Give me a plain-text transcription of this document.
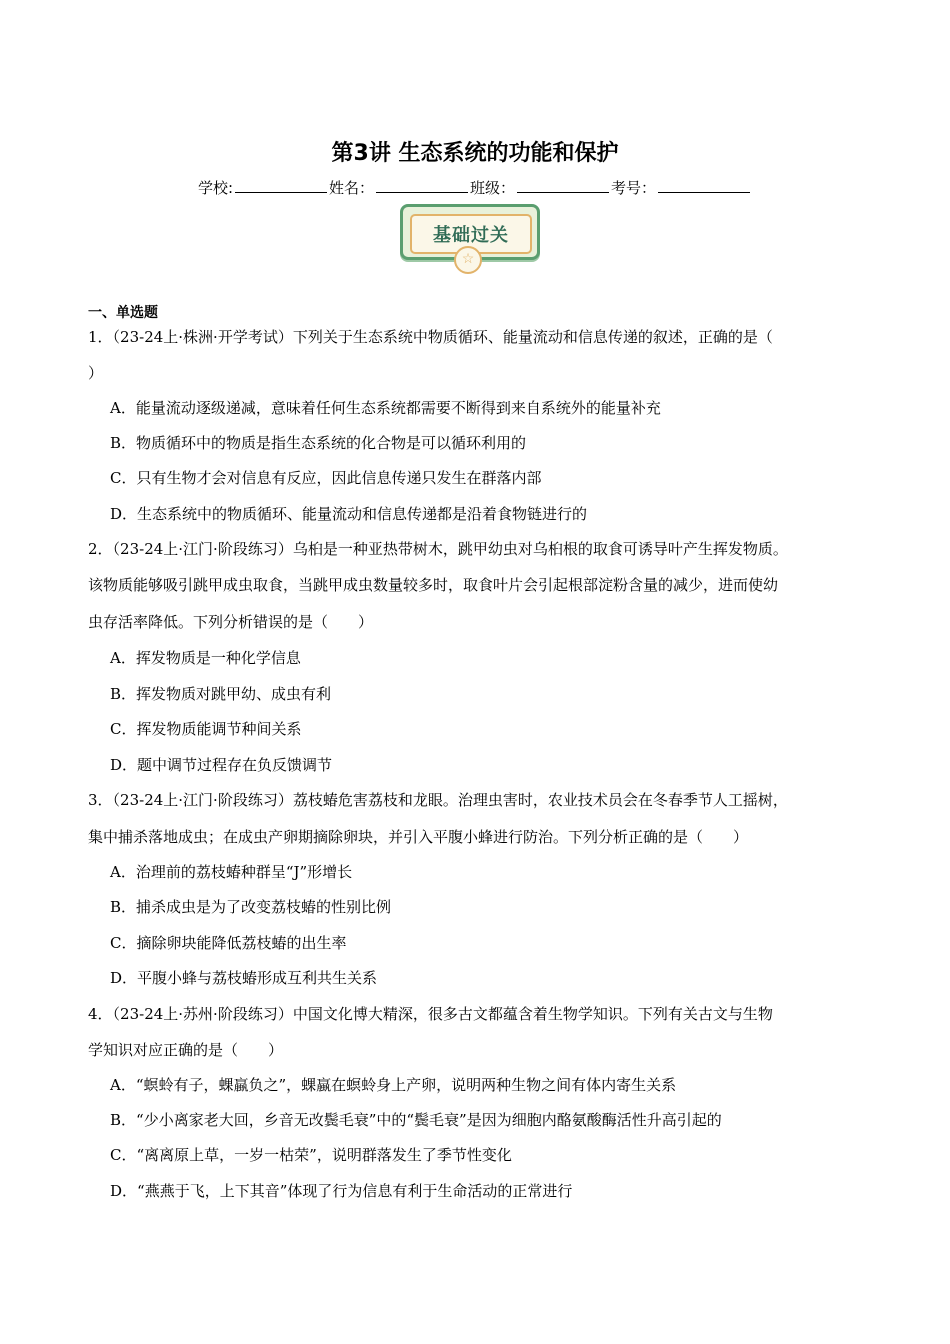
第3讲 生态系统的功能和保护
学校:	姓名：	班级：	考号：
基础过关
☆
一、单选题
1．（23-24上·株洲·开学考试）下列关于生态系统中物质循环、能量流动和信息传递的叙述，正确的是（
）
A．能量流动逐级递减，意味着任何生态系统都需要不断得到来自系统外的能量补充
B．物质循环中的物质是指生态系统的化合物是可以循环利用的
C．只有生物才会对信息有反应，因此信息传递只发生在群落内部
D．生态系统中的物质循环、能量流动和信息传递都是沿着食物链进行的
2．（23-24上·江门·阶段练习）乌桕是一种亚热带树木，跳甲幼虫对乌桕根的取食可诱导叶产生挥发物质。
该物质能够吸引跳甲成虫取食，当跳甲成虫数量较多时，取食叶片会引起根部淀粉含量的减少，进而使幼
虫存活率降低。下列分析错误的是（　　）
A．挥发物质是一种化学信息
B．挥发物质对跳甲幼、成虫有利
C．挥发物质能调节种间关系
D．题中调节过程存在负反馈调节
3．（23-24上·江门·阶段练习）荔枝蝽危害荔枝和龙眼。治理虫害时，农业技术员会在冬春季节人工摇树，
集中捕杀落地成虫；在成虫产卵期摘除卵块，并引入平腹小蜂进行防治。下列分析正确的是（　　）
A．治理前的荔枝蝽种群呈“J”形增长
B．捕杀成虫是为了改变荔枝蝽的性别比例
C．摘除卵块能降低荔枝蝽的出生率
D．平腹小蜂与荔枝蝽形成互利共生关系
4．（23-24上·苏州·阶段练习）中国文化博大精深，很多古文都蕴含着生物学知识。下列有关古文与生物
学知识对应正确的是（　　）
A．“螟蛉有子，蜾蠃负之”，蜾蠃在螟蛉身上产卵，说明两种生物之间有体内寄生关系
B．“少小离家老大回，乡音无改鬓毛衰”中的“鬓毛衰”是因为细胞内酪氨酸酶活性升高引起的
C．“离离原上草，一岁一枯荣”，说明群落发生了季节性变化
D．“燕燕于飞，上下其音”体现了行为信息有利于生命活动的正常进行
